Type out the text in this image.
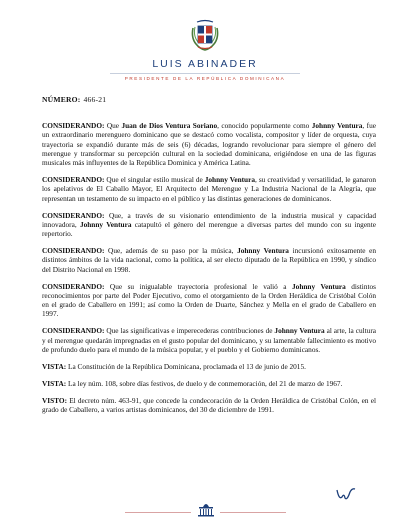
LUIS ABINADER
PRESIDENTE DE LA REPÚBLICA DOMINICANA
NÚMERO: 466-21

CONSIDERANDO: Que Juan de Dios Ventura Soriano, conocido popularmente como Johnny Ventura, fue un extraordinario merenguero dominicano que se destacó como vocalista, compositor y líder de orquesta, cuya trayectoria se expandió durante más de seis (6) décadas, logrando revolucionar para siempre el género del merengue y transformar su percepción cultural en la sociedad dominicana, erigiéndose en una de las figuras musicales más influyentes de la República Dominica y América Latina.

CONSIDERANDO: Que el singular estilo musical de Johnny Ventura, su creatividad y versatilidad, le ganaron los apelativos de El Caballo Mayor, El Arquitecto del Merengue y La Industria Nacional de la Alegría, que representan un testamento de su impacto en el público y las distintas generaciones de dominicanos.

CONSIDERANDO: Que, a través de su visionario entendimiento de la industria musical y capacidad innovadora, Johnny Ventura catapultó el género del merengue a diversas partes del mundo con su ingente repertorio.

CONSIDERANDO: Que, además de su paso por la música, Johnny Ventura incursionó exitosamente en distintos ámbitos de la vida nacional, como la política, al ser electo diputado de la República en 1990, y síndico del Distrito Nacional en 1998.

CONSIDERANDO: Que su inigualable trayectoria profesional le valió a Johnny Ventura distintos reconocimientos por parte del Poder Ejecutivo, como el otorgamiento de la Orden Heráldica de Cristóbal Colón en el grado de Caballero en 1991; así como la Orden de Duarte, Sánchez y Mella en el grado de Caballero en 1997.

CONSIDERANDO: Que las significativas e imperecederas contribuciones de Johnny Ventura al arte, la cultura y el merengue quedarán impregnadas en el gusto popular del dominicano, y su lamentable fallecimiento es motivo de profundo duelo para el mundo de la música popular, y el pueblo y el Gobierno dominicanos.

VISTA: La Constitución de la República Dominicana, proclamada el 13 de junio de 2015.

VISTA: La ley núm. 108, sobre días festivos, de duelo y de conmemoración, del 21 de marzo de 1967.

VISTO: El decreto núm. 463-91, que concede la condecoración de la Orden Heráldica de Cristóbal Colón, en el grado de Caballero, a varios artistas dominicanos, del 30 de diciembre de 1991.
